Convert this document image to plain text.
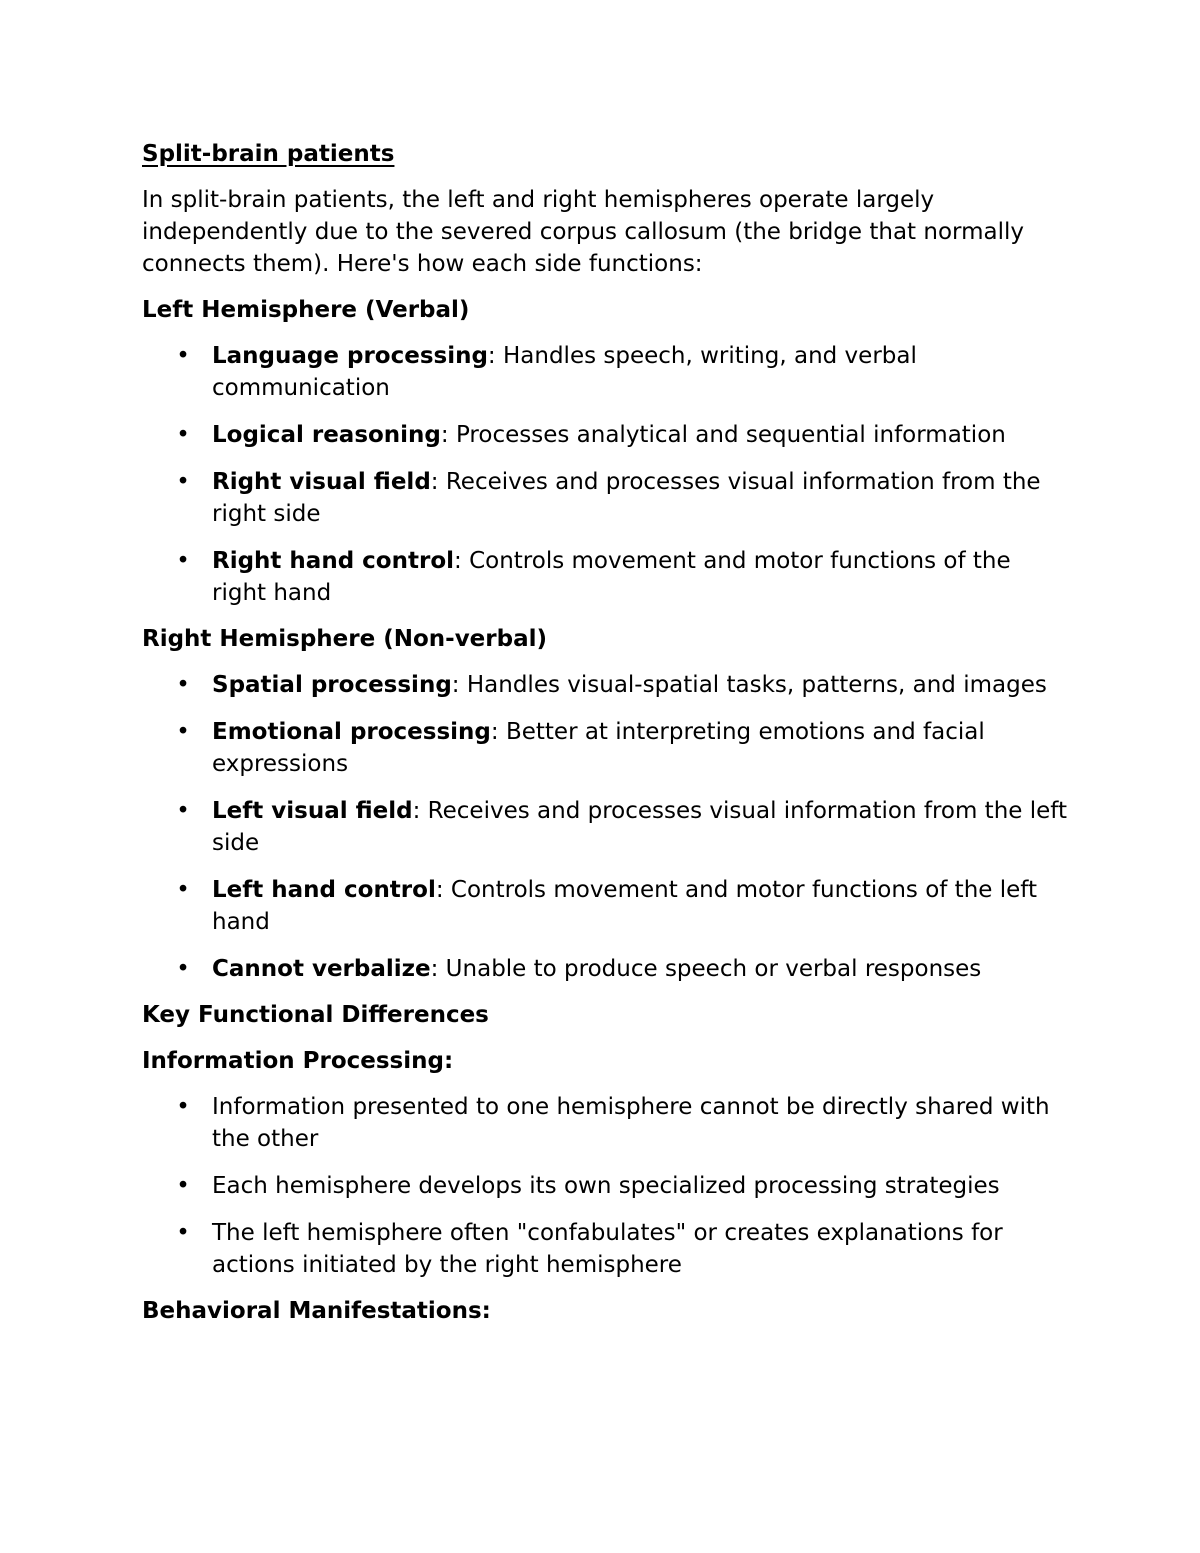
Split-brain patients
In split-brain patients, the left and right hemispheres operate largely independently due to the severed corpus callosum (the bridge that normally connects them). Here's how each side functions:
Left Hemisphere (Verbal)
• Language processing: Handles speech, writing, and verbal communication
• Logical reasoning: Processes analytical and sequential information
• Right visual field: Receives and processes visual information from the right side
• Right hand control: Controls movement and motor functions of the right hand
Right Hemisphere (Non-verbal)
• Spatial processing: Handles visual-spatial tasks, patterns, and images
• Emotional processing: Better at interpreting emotions and facial expressions
• Left visual field: Receives and processes visual information from the left side
• Left hand control: Controls movement and motor functions of the left hand
• Cannot verbalize: Unable to produce speech or verbal responses
Key Functional Differences
Information Processing:
• Information presented to one hemisphere cannot be directly shared with the other
• Each hemisphere develops its own specialized processing strategies
• The left hemisphere often "confabulates" or creates explanations for actions initiated by the right hemisphere
Behavioral Manifestations:
